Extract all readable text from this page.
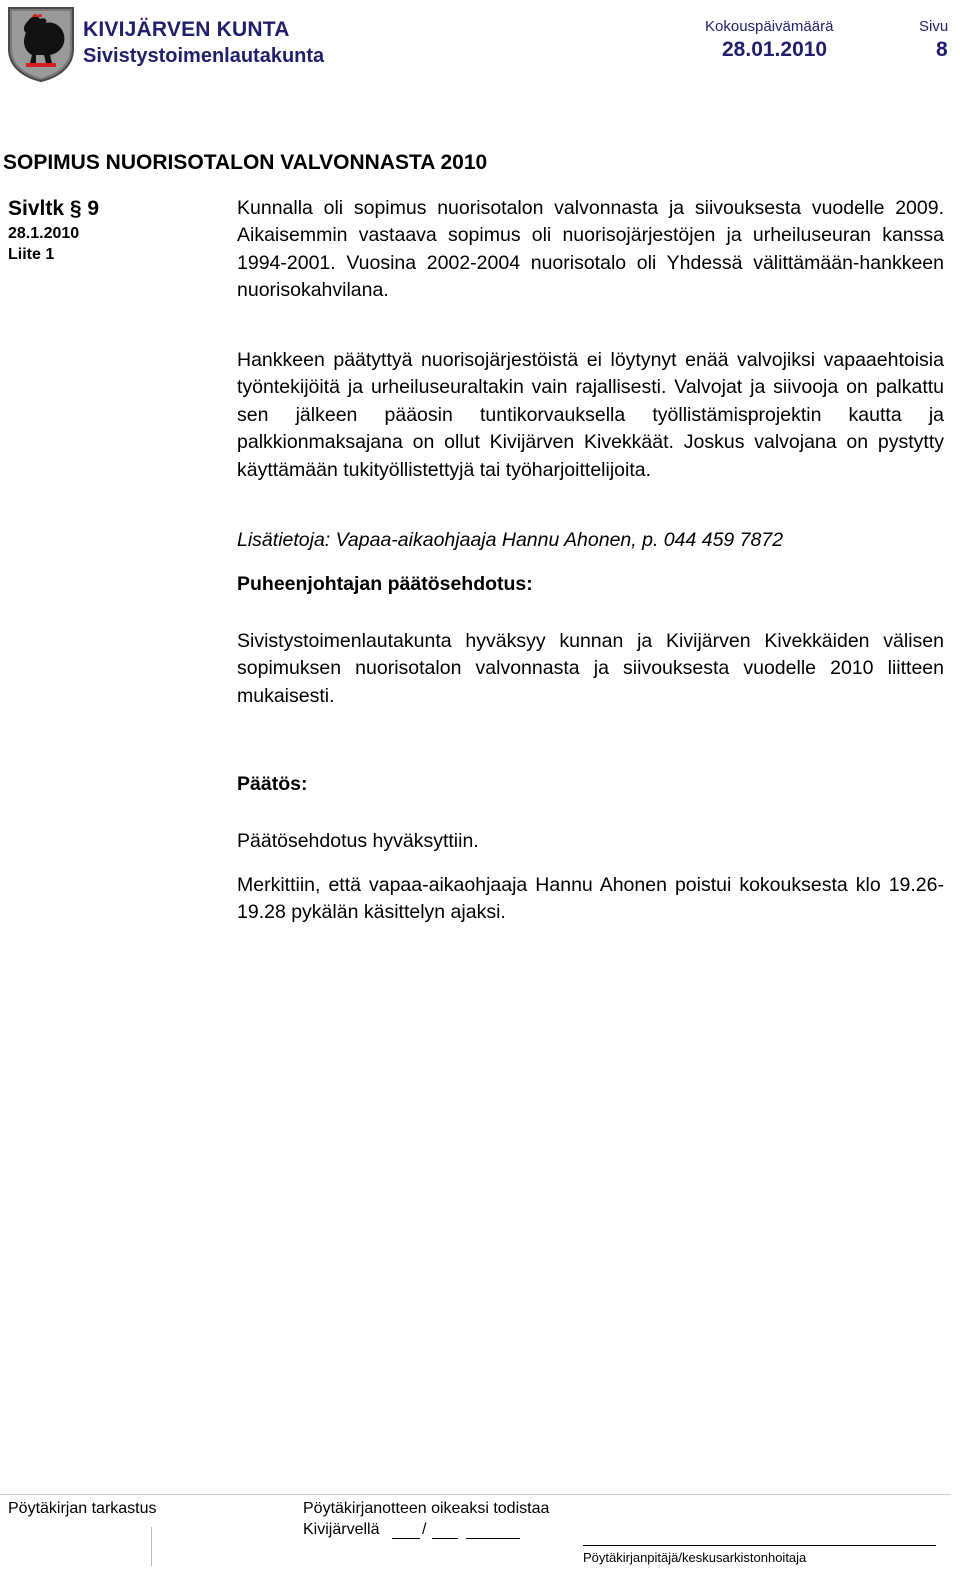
KIVIJÄRVEN KUNTA
Sivistystoimenlautakunta
Kokouspäivämäärä
28.01.2010
Sivu
8
SOPIMUS NUORISOTALON VALVONNASTA 2010
Sivltk § 9
28.1.2010
Liite 1
Kunnalla oli sopimus nuorisotalon valvonnasta ja siivouksesta vuodelle 2009. Aikaisemmin vastaava sopimus oli nuorisojärjestöjen ja urheiluseuran kanssa 1994-2001. Vuosina 2002-2004 nuorisotalo oli Yhdessä välittämään-hankkeen nuorisokahvilana.
Hankkeen päätyttyä nuorisojärjestöistä ei löytynyt enää valvojiksi vapaaehtoisia työntekijöitä ja urheiluseuraltakin vain rajallisesti. Valvojat ja siivooja on palkattu sen jälkeen pääosin tuntikorvauksella työllistämisprojektin kautta ja palkkionmaksajana on ollut Kivijärven Kivekkäät. Joskus valvojana on pystytty käyttämään tukityöllistettyjä tai työharjoittelijoita.
Lisätietoja: Vapaa-aikaohjaaja Hannu Ahonen, p. 044 459 7872
Puheenjohtajan päätösehdotus:
Sivistystoimenlautakunta hyväksyy kunnan ja Kivijärven Kivekkäiden välisen sopimuksen nuorisotalon valvonnasta ja siivouksesta vuodelle 2010 liitteen mukaisesti.
Päätös:
Päätösehdotus hyväksyttiin.
Merkittiin, että vapaa-aikaohjaaja Hannu Ahonen poistui kokouksesta klo 19.26-19.28 pykälän käsittelyn ajaksi.
Pöytäkirjan tarkastus	Pöytäkirjanotteen oikeaksi todistaa
Kivijärvellä	/
Pöytäkirjanpitäjä/keskusarkistonhoitaja
